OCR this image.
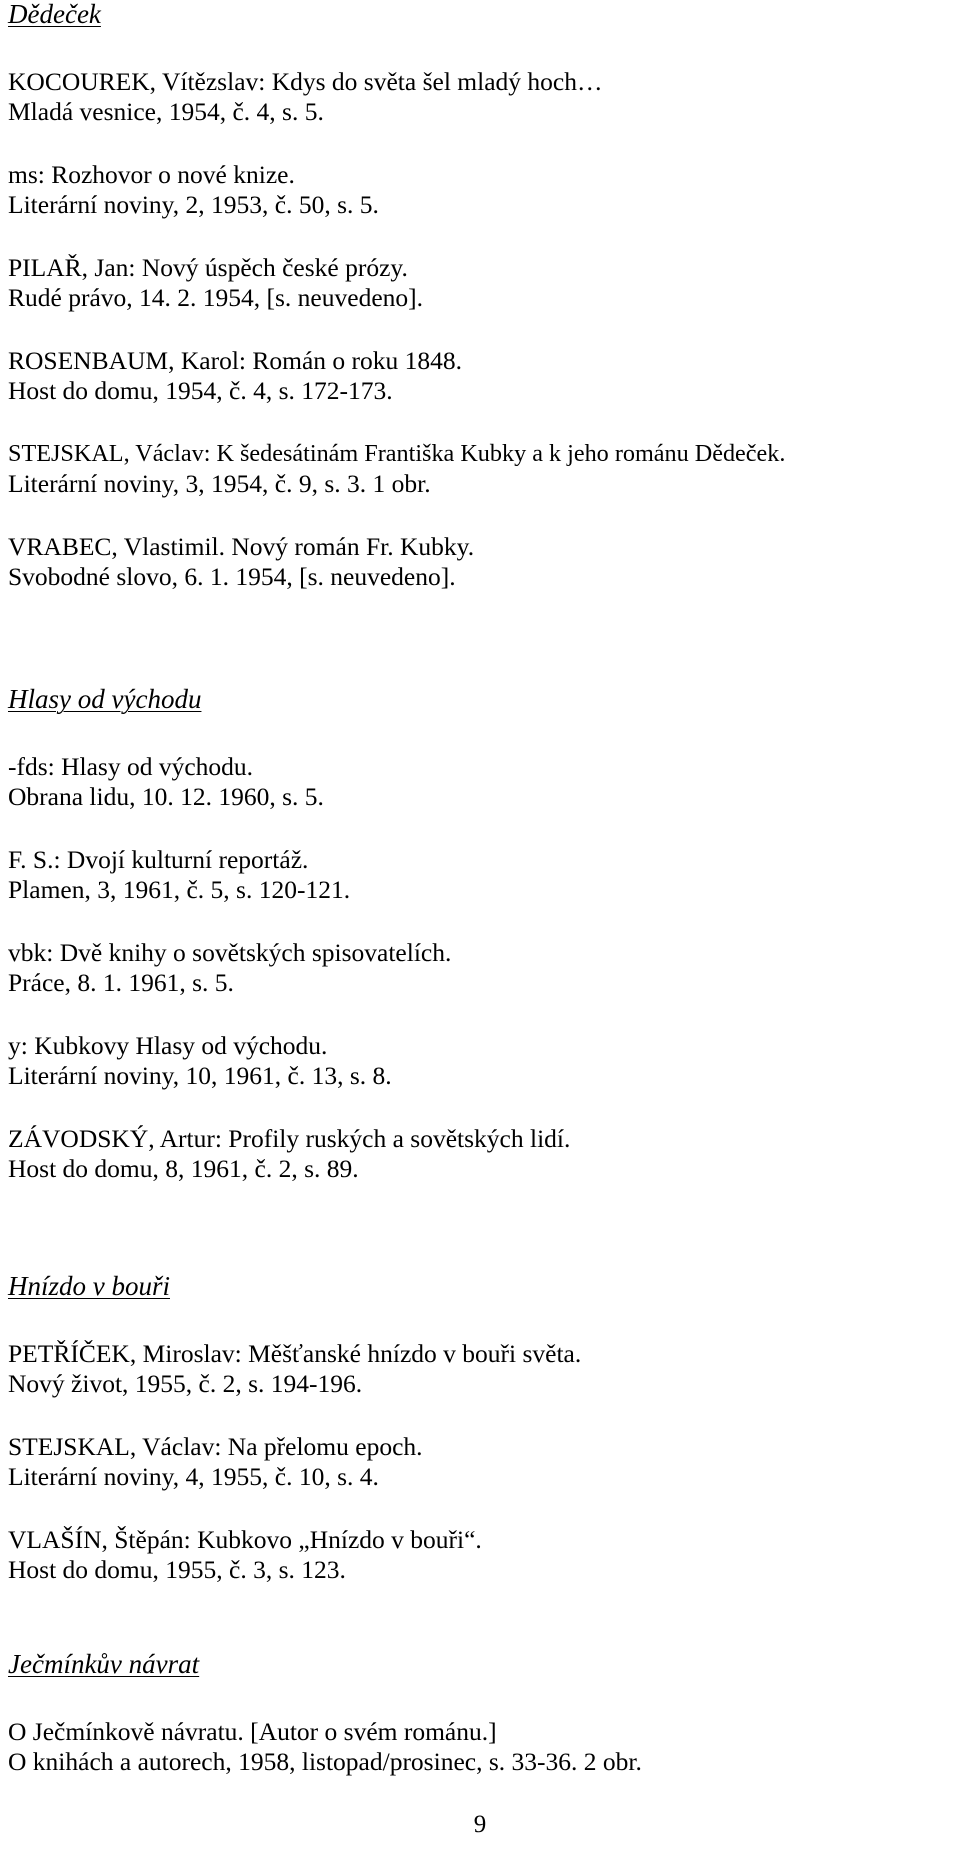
Dědeček
KOCOUREK, Vítězslav: Kdys do světa šel mladý hoch…
Mladá vesnice, 1954, č. 4, s. 5.
ms: Rozhovor o nové knize.
Literární noviny, 2, 1953, č. 50, s. 5.
PILAŘ, Jan: Nový úspěch české prózy.
Rudé právo, 14. 2. 1954, [s. neuvedeno].
ROSENBAUM, Karol: Román o roku 1848.
Host do domu, 1954, č. 4, s. 172-173.
STEJSKAL, Václav: K šedesátinám Františka Kubky a k jeho románu Dědeček.
Literární noviny, 3, 1954, č. 9, s. 3. 1 obr.
VRABEC, Vlastimil. Nový román Fr. Kubky.
Svobodné slovo, 6. 1. 1954, [s. neuvedeno].
Hlasy od východu
-fds: Hlasy od východu.
Obrana lidu, 10. 12. 1960, s. 5.
F. S.: Dvojí kulturní reportáž.
Plamen, 3, 1961, č. 5, s. 120-121.
vbk: Dvě knihy o sovětských spisovatelích.
Práce, 8. 1. 1961, s. 5.
y: Kubkovy Hlasy od východu.
Literární noviny, 10, 1961, č. 13, s. 8.
ZÁVODSKÝ, Artur: Profily ruských a sovětských lidí.
Host do domu, 8, 1961, č. 2, s. 89.
Hnízdo v bouři
PETŘÍČEK, Miroslav: Měšťanské hnízdo v bouři světa.
Nový život, 1955, č. 2, s. 194-196.
STEJSKAL, Václav: Na přelomu epoch.
Literární noviny, 4, 1955, č. 10, s. 4.
VLAŠÍN, Štěpán: Kubkovo „Hnízdo v bouři“.
Host do domu, 1955, č. 3, s. 123.
Ječmínkův návrat
O Ječmínkově návratu. [Autor o svém románu.]
O knihách a autorech, 1958, listopad/prosinec, s. 33-36. 2 obr.
9
